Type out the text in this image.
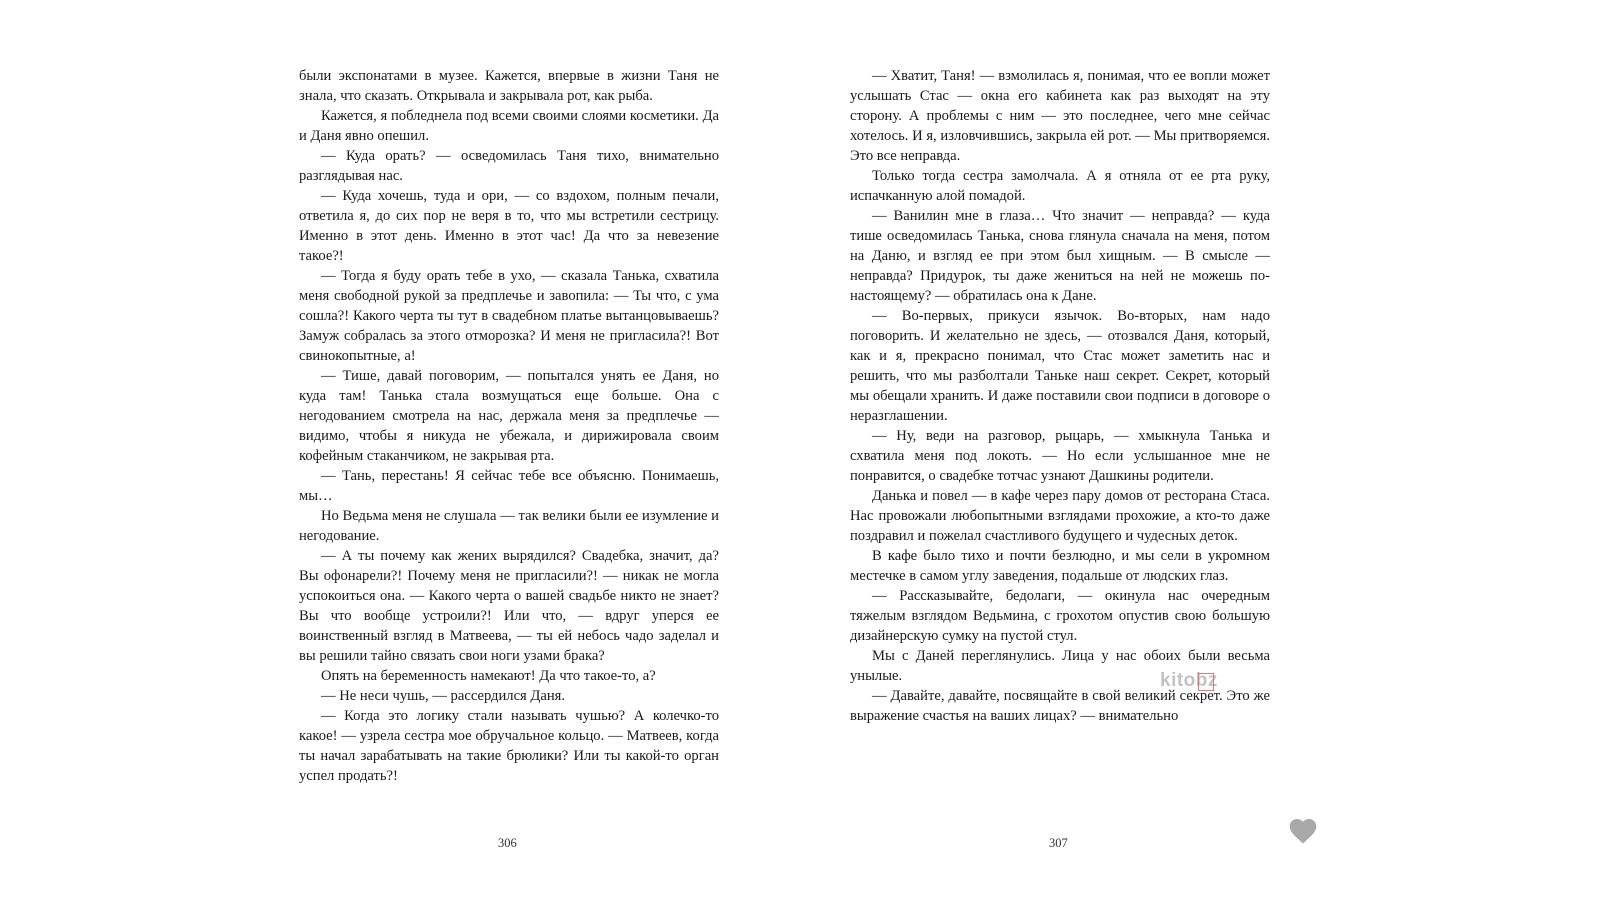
были экспонатами в музее. Кажется, впервые в жизни Таня не знала, что сказать. Открывала и закрывала рот, как рыба.

Кажется, я побледнела под всеми своими слоями косметики. Да и Даня явно опешил.

— Куда орать? — осведомилась Таня тихо, внимательно разглядывая нас.

— Куда хочешь, туда и ори, — со вздохом, полным печали, ответила я, до сих пор не веря в то, что мы встретили сестрицу. Именно в этот день. Именно в этот час! Да что за невезение такое?!

— Тогда я буду орать тебе в ухо, — сказала Танька, схватила меня свободной рукой за предплечье и завопила: — Ты что, с ума сошла?! Какого черта ты тут в свадебном платье вытанцовываешь? Замуж собралась за этого отморозка? И меня не пригласила?! Вот свинокопытные, а!

— Тише, давай поговорим, — попытался унять ее Даня, но куда там! Танька стала возмущаться еще больше. Она с негодованием смотрела на нас, держала меня за предплечье — видимо, чтобы я никуда не убежала, и дирижировала своим кофейным стаканчиком, не закрывая рта.

— Тань, перестань! Я сейчас тебе все объясню. Понимаешь, мы…

Но Ведьма меня не слушала — так велики были ее изумление и негодование.

— А ты почему как жених вырядился? Свадебка, значит, да? Вы офонарели?! Почему меня не пригласили?! — никак не могла успокоиться она. — Какого черта о вашей свадьбе никто не знает? Вы что вообще устроили?! Или что, — вдруг уперся ее воинственный взгляд в Матвеева, — ты ей небось чадо заделал и вы решили тайно связать свои ноги узами брака?

Опять на беременность намекают! Да что такое-то, а?

— Не неси чушь, — рассердился Даня.

— Когда это логику стали называть чушью? А колечко-то какое! — узрела сестра мое обручальное кольцо. — Матвеев, когда ты начал зарабатывать на такие брюлики? Или ты какой-то орган успел продать?!

— Хватит, Таня! — взмолилась я, понимая, что ее вопли может услышать Стас — окна его кабинета как раз выходят на эту сторону. А проблемы с ним — это последнее, чего мне сейчас хотелось. И я, изловчившись, закрыла ей рот. — Мы притворяемся. Это все неправда.

Только тогда сестра замолчала. А я отняла от ее рта руку, испачканную алой помадой.

— Ванилин мне в глаза… Что значит — неправда? — куда тише осведомилась Танька, снова глянула сначала на меня, потом на Даню, и взгляд ее при этом был хищным. — В смысле — неправда? Придурок, ты даже жениться на ней не можешь по-настоящему? — обратилась она к Дане.

— Во-первых, прикуси язычок. Во-вторых, нам надо поговорить. И желательно не здесь, — отозвался Даня, который, как и я, прекрасно понимал, что Стас может заметить нас и решить, что мы разболтали Таньке наш секрет. Секрет, который мы обещали хранить. И даже поставили свои подписи в договоре о неразглашении.

— Ну, веди на разговор, рыцарь, — хмыкнула Танька и схватила меня под локоть. — Но если услышанное мне не понравится, о свадебке тотчас узнают Дашкины родители.

Данька и повел — в кафе через пару домов от ресторана Стаса. Нас провожали любопытными взглядами прохожие, а кто-то даже поздравил и пожелал счастливого будущего и чудесных деток.

В кафе было тихо и почти безлюдно, и мы сели в укромном местечке в самом углу заведения, подальше от людских глаз.

— Рассказывайте, бедолаги, — окинула нас очередным тяжелым взглядом Ведьмина, с грохотом опустив свою большую дизайнерскую сумку на пустой стул.

Мы с Даней переглянулись. Лица у нас обоих были весьма унылые.

— Давайте, давайте, посвящайте в свой великий секрет. Это же выражение счастья на ваших лицах? — внимательно

306	307
kitobz
